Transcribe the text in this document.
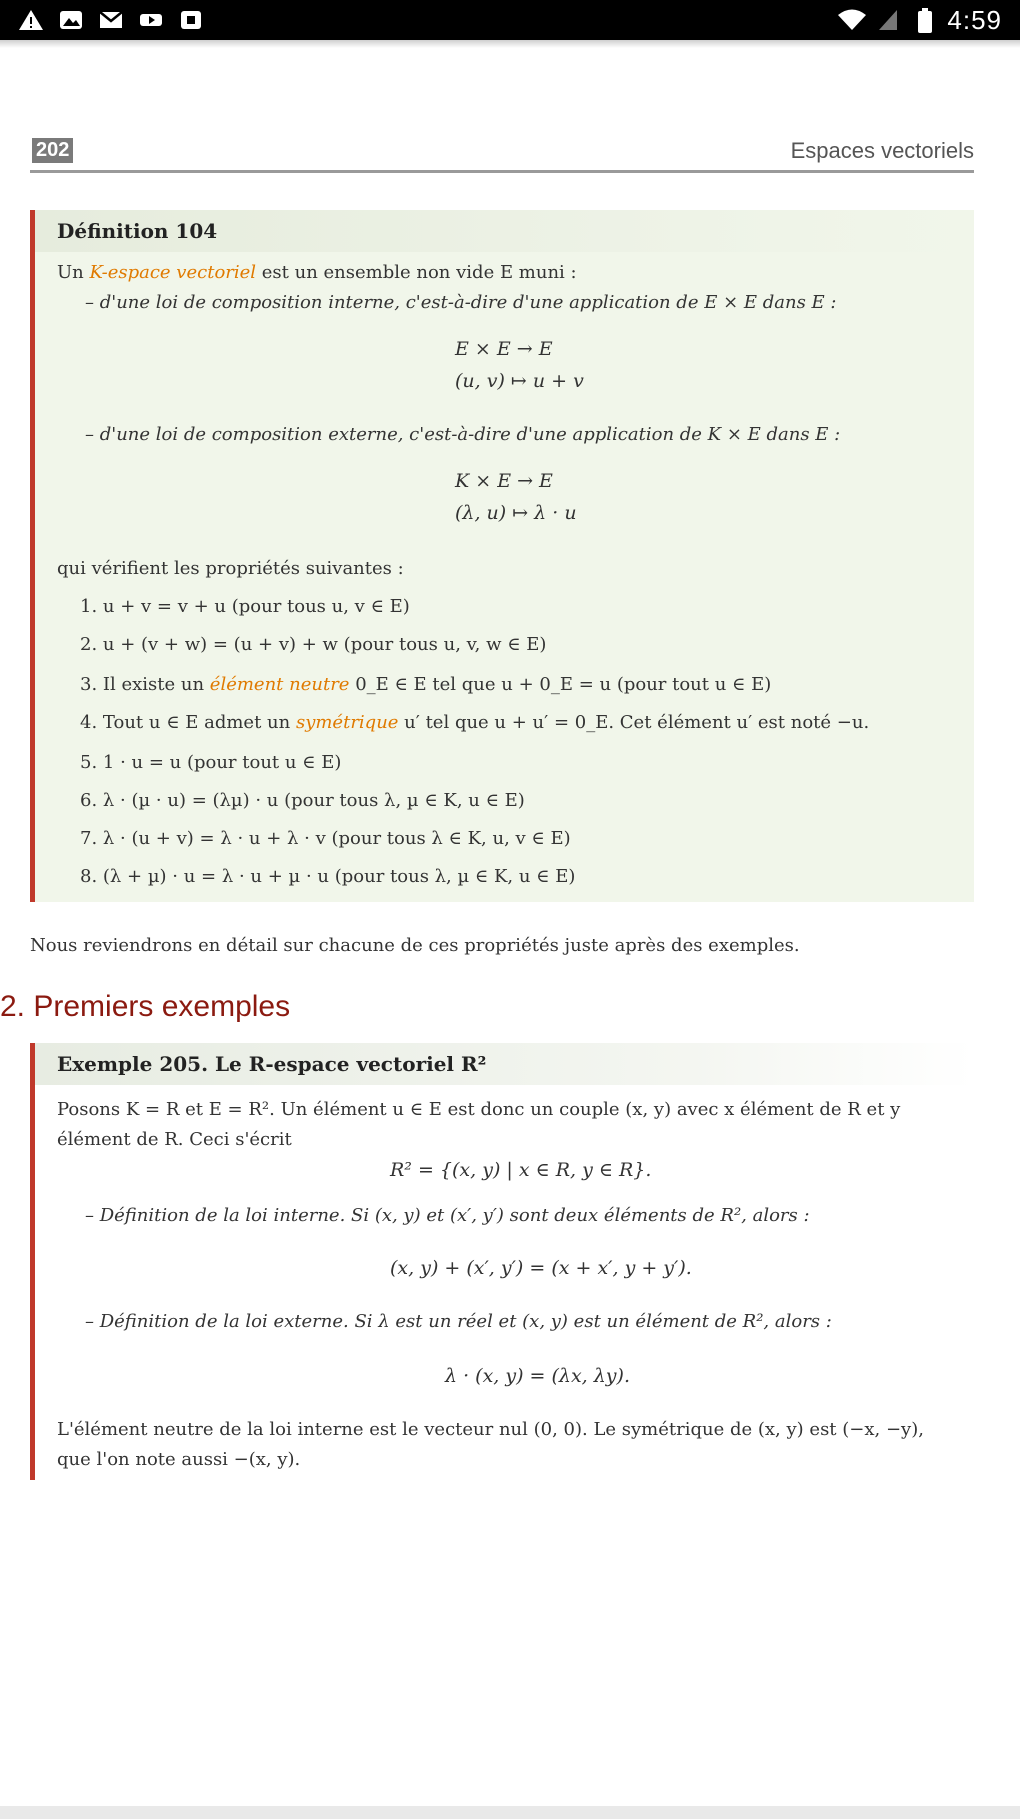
4:59
202	Espaces vectoriels
Définition 104
Un K-espace vectoriel est un ensemble non vide E muni :
– d'une loi de composition interne, c'est-à-dire d'une application de E × E dans E :
E × E → E
(u, v) ↦ u + v
– d'une loi de composition externe, c'est-à-dire d'une application de K × E dans E :
K × E → E
(λ, u) ↦ λ · u
qui vérifient les propriétés suivantes :
1. u + v = v + u (pour tous u, v ∈ E)
2. u + (v + w) = (u + v) + w (pour tous u, v, w ∈ E)
3. Il existe un élément neutre 0_E ∈ E tel que u + 0_E = u (pour tout u ∈ E)
4. Tout u ∈ E admet un symétrique u′ tel que u + u′ = 0_E. Cet élément u′ est noté −u.
5. 1 · u = u (pour tout u ∈ E)
6. λ · (µ · u) = (λµ) · u (pour tous λ, µ ∈ K, u ∈ E)
7. λ · (u + v) = λ · u + λ · v (pour tous λ ∈ K, u, v ∈ E)
8. (λ + µ) · u = λ · u + µ · u (pour tous λ, µ ∈ K, u ∈ E)
Nous reviendrons en détail sur chacune de ces propriétés juste après des exemples.
2. Premiers exemples
Exemple 205. Le R-espace vectoriel R²
Posons K = R et E = R². Un élément u ∈ E est donc un couple (x, y) avec x élément de R et y
élément de R. Ceci s'écrit
R² = {(x, y) | x ∈ R, y ∈ R}.
– Définition de la loi interne. Si (x, y) et (x′, y′) sont deux éléments de R², alors :
(x, y) + (x′, y′) = (x + x′, y + y′).
– Définition de la loi externe. Si λ est un réel et (x, y) est un élément de R², alors :
λ · (x, y) = (λx, λy).
L'élément neutre de la loi interne est le vecteur nul (0, 0). Le symétrique de (x, y) est (−x, −y),
que l'on note aussi −(x, y).
